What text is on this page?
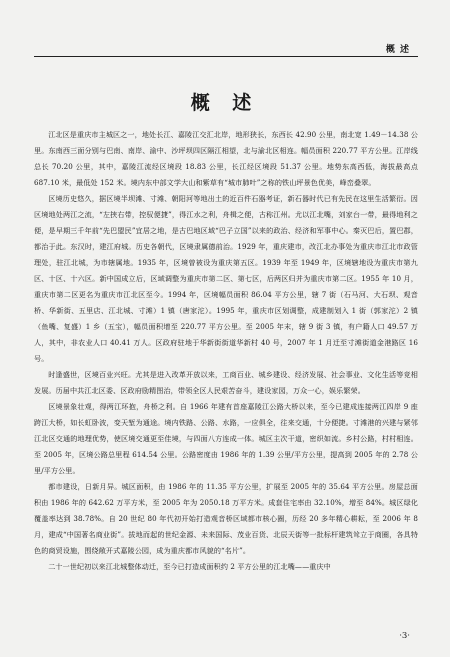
概 述
概 述

江北区是重庆市主城区之一，地处长江、嘉陵江交汇北岸，地形狭长，东西长 42.90 公里，南北宽 1.49－14.38 公里。东南西三面分别与巴南、南岸、渝中、沙坪坝四区隔江相望，北与渝北区相连。幅员面积 220.77 平方公里。江岸线总长 70.20 公里，其中，嘉陵江流经区境段 18.83 公里，长江经区境段 51.37 公里。地势东高西低，海拔最高点 687.10 米，最低处 152 米。境内东中部文学大山和紫草有“城市肺叶”之称的铁山坪景色优美，峰峦叠翠。

区境历史悠久，据区境半坝滩、寸滩、朝阳河等地出土的近百件石器考证，新石器时代已有先民在这里生活繁衍。因区境地处两江之流，“左挟右带，控驭便捷”，得江水之利，舟楫之便，古称江州。尤以江北嘴，刘家台一带，最得地利之便，是早期三千年前“先巴盟民”宜居之地，是古巴地区域“巴子立国”以来的政治、经济和军事中心。秦灭巴后，置巴郡，都治于此。东汉时，建江府城。历史各朝代，区境隶属德前治。1929 年，重庆建市，改江北办事处为重庆市江北市政管理处，驻江北城，为市辖属地。1935 年，区境曾被设为重庆第五区。1939 年至 1949 年，区境辖地设为重庆市第九区、十区、十六区。新中国成立后，区域调整为重庆市第二区、第七区，后两区归并为重庆市第二区。1955 年 10 月，重庆市第二区更名为重庆市江北区至今。1994 年，区境幅员面积 86.04 平方公里，辖 7 街（石马河、大石坝、观音桥、华新街、五里店、江北城、寸滩）1 镇（唐家沱）。1995 年，重庆市区划调整，成建制划入 1 街（郭家沱）2 镇（鱼嘴、复盛）1 乡（五宝），幅员面积增至 220.77 平方公里。至 2005 年末，辖 9 街 3 镇，有户籍人口 49.57 万人，其中，非农业人口 40.41 万人。区政府驻地于华新街街道华新村 40 号，2007 年 1 月迁至寸滩街道金港路区 16 号。

时逢盛世，区境百业兴旺。尤其是进入改革开放以来，工商百业、城乡建设、经济发展、社会事业、文化生活等竞相发展。历届中共江北区委、区政府励精图治，带领全区人民艰苦奋斗，建设家园，万众一心，娱乐繁荣。

区境景象壮观，得两江环抱，舟桥之利。自 1966 年建有首座嘉陵江公路大桥以来，至今已建成连接两江四岸 9 座跨江大桥，如长虹卧波，变天堑为通途。境内铁路、公路、水路，一应俱全，往来交通，十分便捷。寸滩港的兴建与紧邻江北区交通的地理优势，使区境交通更至佳境，与四面八方连成一体。城区主次干道，密织如流。乡村公路，村村相连。至 2005 年，区境公路总里程 614.54 公里。公路密度由 1986 年的 1.39 公里/平方公里，提高到 2005 年的 2.78 公里/平方公里。

都市建设，日新月异。城区面积，由 1986 年的 11.35 平方公里，扩展至 2005 年的 35.64 平方公里。房屋总面积由 1986 年的 642.62 万平方米，至 2005 年为 2050.18 万平方米。成套住宅率由 32.10%，增至 84%。城区绿化覆盖率达到 38.78%。自 20 世纪 80 年代初开始打造观音桥区域都市核心圈，历经 20 多年精心耕耘，至 2006 年 8 月，建成“中国著名商业街”。拔地而起的世纪金源、未来国际、茂业百货、北辰天街等一批标杆建筑耸立于商圈，各具特色的商贸设施，围绕敞开式嘉陵公园，成为重庆都市风貌的“名片”。

二十一世纪初以来江北城整体动迁，至今已打造成面积约 2 平方公里的江北嘴——重庆中

·3·
